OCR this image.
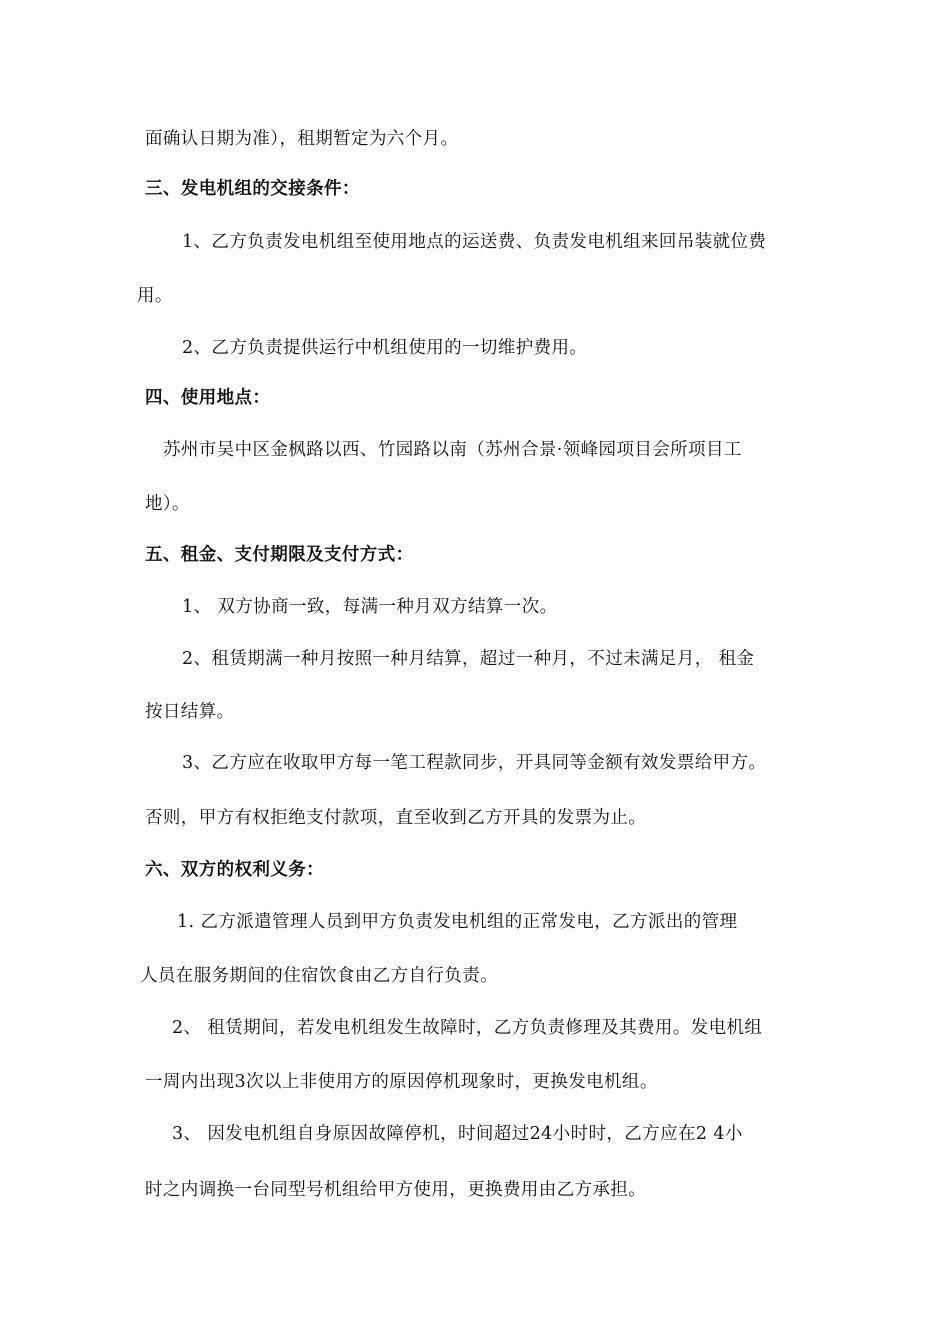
面确认日期为准），租期暂定为六个月。
三、发电机组的交接条件：
1、乙方负责发电机组至使用地点的运送费、负责发电机组来回吊装就位费
用。
2、乙方负责提供运行中机组使用的一切维护费用。
四、使用地点：
苏州市吴中区金枫路以西、竹园路以南（苏州合景·领峰园项目会所项目工
地）。
五、租金、支付期限及支付方式：
1、 双方协商一致，每满一种月双方结算一次。
2、租赁期满一种月按照一种月结算，超过一种月，不过未满足月， 租金
按日结算。
3、乙方应在收取甲方每一笔工程款同步，开具同等金额有效发票给甲方。
否则，甲方有权拒绝支付款项，直至收到乙方开具的发票为止。
六、双方的权利义务：
1. 乙方派遣管理人员到甲方负责发电机组的正常发电，乙方派出的管理
人员在服务期间的住宿饮食由乙方自行负责。
2、 租赁期间，若发电机组发生故障时，乙方负责修理及其费用。发电机组
一周内出现3次以上非使用方的原因停机现象时，更换发电机组。
3、 因发电机组自身原因故障停机，时间超过24小时时，乙方应在2 4小
时之内调换一台同型号机组给甲方使用，更换费用由乙方承担。
